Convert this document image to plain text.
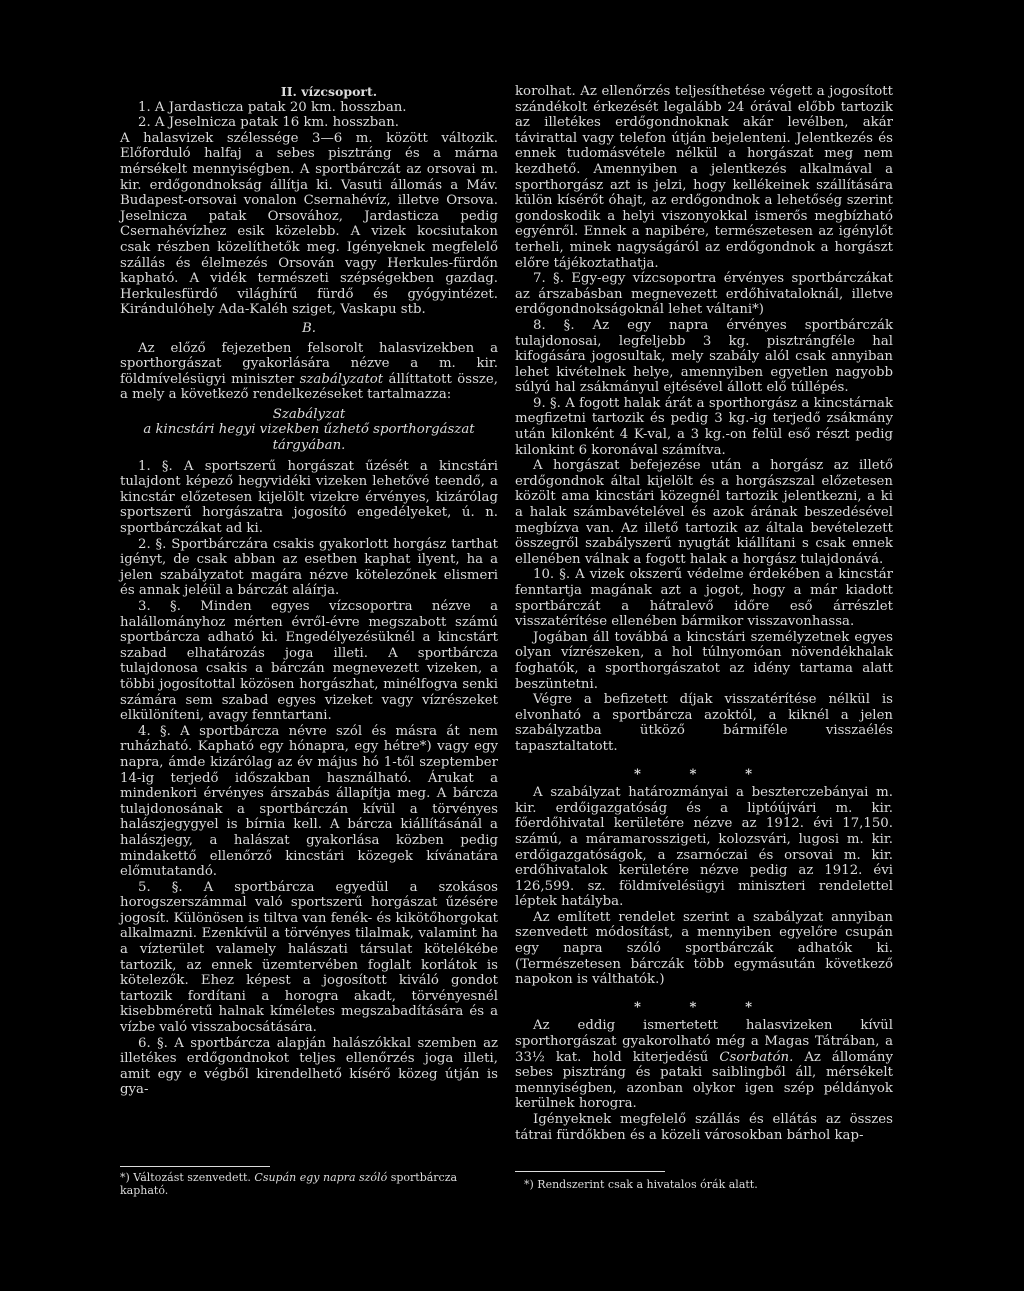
II. vízcsoport.

1. A Jardasticza patak 20 km. hosszban.

2. A Jeselnicza patak 16 km. hosszban.

A halasvizek szélessége 3—6 m. között változik. Előforduló halfaj a sebes pisztráng és a márna mérsékelt mennyiségben. A sportbárczát az orsovai m. kir. erdőgondnokság állítja ki. Vasuti állomás a Máv. Budapest-orsovai vonalon Csernahévíz, illetve Orsova. Jeselnicza patak Orsovához, Jardasticza pedig Csernahévízhez esik közelebb. A vizek kocsiutakon csak részben közelíthetők meg. Igényeknek megfelelő szállás és élelmezés Orsován vagy Herkules-fürdőn kapható. A vidék természeti szépségekben gazdag. Herkulesfürdő világhírű fürdő és gyógyintézet. Kirándulóhely Ada-Kaléh sziget, Vaskapu stb.

B.

Az előző fejezetben felsorolt halasvizekben a sporthorgászat gyakorlására nézve a m. kir. földmívelésügyi miniszter szabályzatot állíttatott össze, a mely a következő rendelkezéseket tartalmazza:

Szabályzat

a kincstári hegyi vizekben űzhető sporthorgászat

tárgyában.

1. §. A sportszerű horgászat űzését a kincstári tulajdont képező hegyvidéki vizeken lehetővé teendő, a kincstár előzetesen kijelölt vizekre érvényes, kizárólag sportszerű horgászatra jogosító engedélyeket, ú. n. sportbárczákat ad ki.

2. §. Sportbárczára csakis gyakorlott horgász tarthat igényt, de csak abban az esetben kaphat ilyent, ha a jelen szabályzatot magára nézve kötelezőnek elismeri és annak jeléül a bárczát aláírja.

3. §. Minden egyes vízcsoportra nézve a halállományhoz mérten évről-évre megszabott számú sportbárcza adható ki. Engedélyezésüknél a kincstárt szabad elhatározás joga illeti. A sportbárcza tulajdonosa csakis a bárczán megnevezett vizeken, a többi jogosítottal közösen horgászhat, minélfogva senki számára sem szabad egyes vizeket vagy vízrészeket elkülöníteni, avagy fenntartani.

4. §. A sportbárcza névre szól és másra át nem ruházható. Kapható egy hónapra, egy hétre*) vagy egy napra, ámde kizárólag az év május hó 1-től szeptember 14-ig terjedő időszakban használható. Árukat a mindenkori érvényes árszabás állapítja meg. A bárcza tulajdonosának a sportbárczán kívül a törvényes halászjegygyel is bírnia kell. A bárcza kiállításánál a halászjegy, a halászat gyakorlása közben pedig mindakettő ellenőrző kincstári közegek kívánatára előmutatandó.

5. §. A sportbárcza egyedül a szokásos horogszerszámmal való sportszerű horgászat űzésére jogosít. Különösen is tiltva van fenék- és kikötőhorgokat alkalmazni. Ezenkívül a törvényes tilalmak, valamint ha a vízterület valamely halászati társulat kötelékébe tartozik, az ennek üzemtervében foglalt korlátok is kötelezők. Ehez képest a jogosított kiváló gondot tartozik fordítani a horogra akadt, törvényesnél kisebbméretű halnak kíméletes megszabadítására és a vízbe való visszabocsátására.

6. §. A sportbárcza alapján halászókkal szemben az illetékes erdőgondnokot teljes ellenőrzés joga illeti, amit egy e végből kirendelhető kísérő közeg útján is gya-

*) Változást szenvedett. Csupán egy napra szóló sportbárcza kapható.

korolhat. Az ellenőrzés teljesíthetése végett a jogosított szándékolt érkezését legalább 24 órával előbb tartozik az illetékes erdőgondnoknak akár levélben, akár távirattal vagy telefon útján bejelenteni. Jelentkezés és ennek tudomásvétele nélkül a horgászat meg nem kezdhető. Amennyiben a jelentkezés alkalmával a sporthorgász azt is jelzi, hogy kellékeinek szállítására külön kísérőt óhajt, az erdőgondnok a lehetőség szerint gondoskodik a helyi viszonyokkal ismerős megbízható egyénről. Ennek a napibére, természetesen az igénylőt terheli, minek nagyságáról az erdőgondnok a horgászt előre tájékoztathatja.

7. §. Egy-egy vízcsoportra érvényes sportbárczákat az árszabásban megnevezett erdőhivataloknál, illetve erdőgondnokságoknál lehet váltani*)

8. §. Az egy napra érvényes sportbárczák tulajdonosai, legfeljebb 3 kg. pisztrángféle hal kifogására jogosultak, mely szabály alól csak annyiban lehet kivételnek helye, amennyiben egyetlen nagyobb súlyú hal zsákmányul ejtésével állott elő túllépés.

9. §. A fogott halak árát a sporthorgász a kincstárnak megfizetni tartozik és pedig 3 kg.-ig terjedő zsákmány után kilonként 4 K-val, a 3 kg.-on felül eső részt pedig kilonkint 6 koronával számítva.

A horgászat befejezése után a horgász az illető erdőgondnok által kijelölt és a horgászszal előzetesen közölt ama kincstári közegnél tartozik jelentkezni, a ki a halak számbavételével és azok árának beszedésével megbízva van. Az illető tartozik az általa bevételezett összegről szabályszerű nyugtát kiállítani s csak ennek ellenében válnak a fogott halak a horgász tulajdonává.

10. §. A vizek okszerű védelme érdekében a kincstár fenntartja magának azt a jogot, hogy a már kiadott sportbárczát a hátralevő időre eső árrészlet visszatérítése ellenében bármikor visszavonhassa.

Jogában áll továbbá a kincstári személyzetnek egyes olyan vízrészeken, a hol túlnyomóan növendékhalak foghatók, a sporthorgászatot az idény tartama alatt beszüntetni.

Végre a befizetett díjak visszatérítése nélkül is elvonható a sportbárcza azoktól, a kiknél a jelen szabályzatba ütköző bármiféle visszaélés tapasztaltatott.

* * *

A szabályzat határozmányai a beszterczebányai m. kir. erdőigazgatóság és a liptóújvári m. kir. főerdőhivatal kerületére nézve az 1912. évi 17,150. számú, a máramarosszigeti, kolozsvári, lugosi m. kir. erdőigazgatóságok, a zsarnóczai és orsovai m. kir. erdőhivatalok kerületére nézve pedig az 1912. évi 126,599. sz. földmívelésügyi miniszteri rendelettel léptek hatályba.

Az említett rendelet szerint a szabályzat annyiban szenvedett módosítást, a mennyiben egyelőre csupán egy napra szóló sportbárczák adhatók ki. (Természetesen bárczák több egymásután következő napokon is válthatók.)

* * *

Az eddig ismertetett halasvizeken kívül sporthorgászat gyakorolható még a Magas Tátrában, a 33½ kat. hold kiterjedésű Csorbatón. Az állomány sebes pisztráng és pataki saiblingből áll, mérsékelt mennyiségben, azonban olykor igen szép példányok kerülnek horogra.

Igényeknek megfelelő szállás és ellátás az összes tátrai fürdőkben és a közeli városokban bárhol kap-

*) Rendszerint csak a hivatalos órák alatt.
